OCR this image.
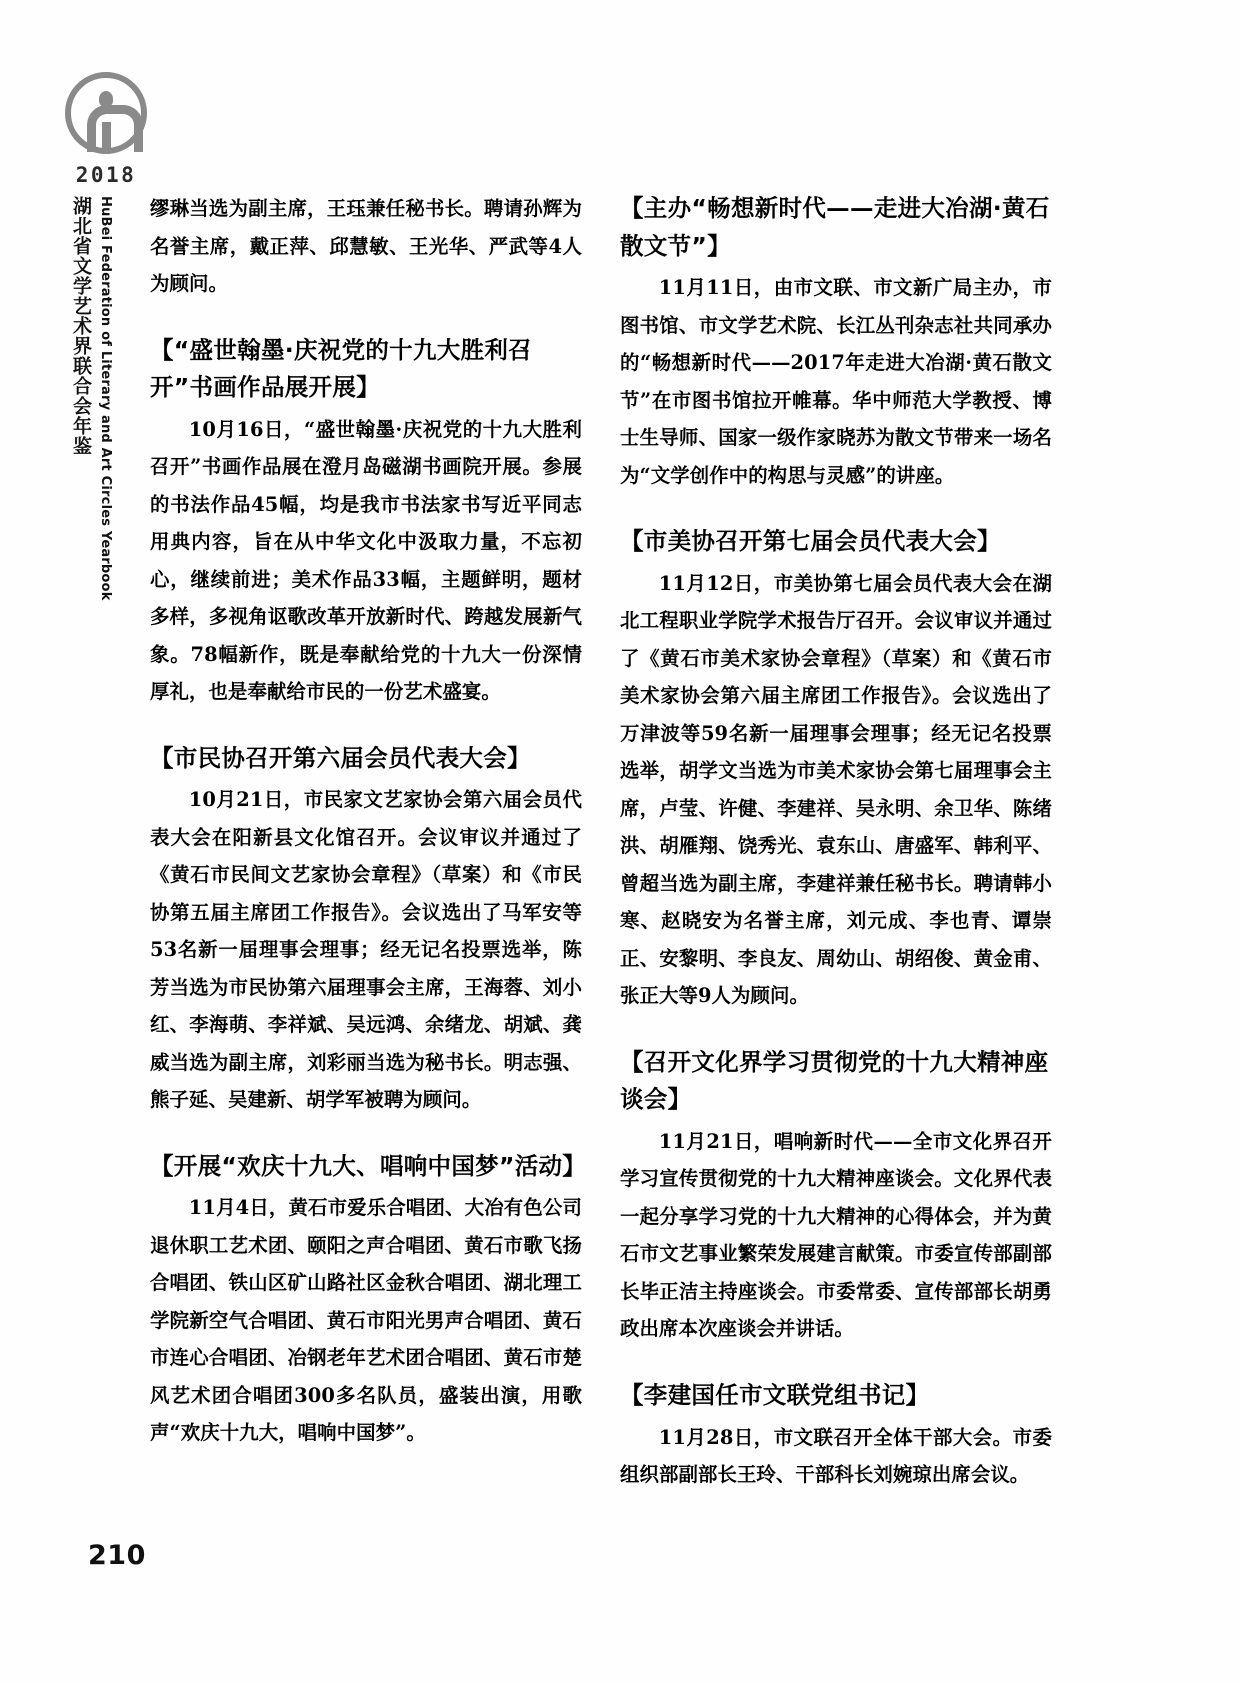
2018
湖北省文学艺术界联合会年鉴 HuBei Federation of Literary and Art Circles Yearbook 缪琳当选为副主席，王珏兼任秘书长。聘请孙辉为名誉主席，戴正萍、邱慧敏、王光华、严武等4人为顾问。

【“盛世翰墨·庆祝党的十九大胜利召开”书画作品展开展】

10月16日，“盛世翰墨·庆祝党的十九大胜利召开”书画作品展在澄月岛磁湖书画院开展。参展的书法作品45幅，均是我市书法家书写近平同志用典内容，旨在从中华文化中汲取力量，不忘初心，继续前进；美术作品33幅，主题鲜明，题材多样，多视角讴歌改革开放新时代、跨越发展新气象。78幅新作，既是奉献给党的十九大一份深情厚礼，也是奉献给市民的一份艺术盛宴。

【市民协召开第六届会员代表大会】

10月21日，市民家文艺家协会第六届会员代表大会在阳新县文化馆召开。会议审议并通过了《黄石市民间文艺家协会章程》（草案）和《市民协第五届主席团工作报告》。会议选出了马军安等53名新一届理事会理事；经无记名投票选举，陈芳当选为市民协第六届理事会主席，王海蓉、刘小红、李海萌、李祥斌、吴远鸿、余绪龙、胡斌、龚威当选为副主席，刘彩丽当选为秘书长。明志强、熊子延、吴建新、胡学军被聘为顾问。

【开展“欢庆十九大、唱响中国梦”活动】

11月4日，黄石市爱乐合唱团、大冶有色公司退休职工艺术团、颐阳之声合唱团、黄石市歌飞扬合唱团、铁山区矿山路社区金秋合唱团、湖北理工学院新空气合唱团、黄石市阳光男声合唱团、黄石市连心合唱团、冶钢老年艺术团合唱团、黄石市楚风艺术团合唱团300多名队员，盛装出演，用歌声“欢庆十九大，唱响中国梦”。

【主办“畅想新时代——走进大冶湖·黄石散文节”】

11月11日，由市文联、市文新广局主办，市图书馆、市文学艺术院、长江丛刊杂志社共同承办的“畅想新时代——2017年走进大冶湖·黄石散文节”在市图书馆拉开帷幕。华中师范大学教授、博士生导师、国家一级作家晓苏为散文节带来一场名为“文学创作中的构思与灵感”的讲座。

【市美协召开第七届会员代表大会】

11月12日，市美协第七届会员代表大会在湖北工程职业学院学术报告厅召开。会议审议并通过了《黄石市美术家协会章程》（草案）和《黄石市美术家协会第六届主席团工作报告》。会议选出了万津波等59名新一届理事会理事；经无记名投票选举，胡学文当选为市美术家协会第七届理事会主席，卢莹、许健、李建祥、吴永明、余卫华、陈绪洪、胡雁翔、饶秀光、袁东山、唐盛军、韩利平、曾超当选为副主席，李建祥兼任秘书长。聘请韩小寒、赵晓安为名誉主席，刘元成、李也青、谭崇正、安黎明、李良友、周幼山、胡绍俊、黄金甫、张正大等9人为顾问。

【召开文化界学习贯彻党的十九大精神座谈会】

11月21日，唱响新时代——全市文化界召开学习宣传贯彻党的十九大精神座谈会。文化界代表一起分享学习党的十九大精神的心得体会，并为黄石市文艺事业繁荣发展建言献策。市委宣传部副部长毕正洁主持座谈会。市委常委、宣传部部长胡勇政出席本次座谈会并讲话。

【李建国任市文联党组书记】

11月28日，市文联召开全体干部大会。市委组织部副部长王玲、干部科长刘婉琼出席会议。

210
